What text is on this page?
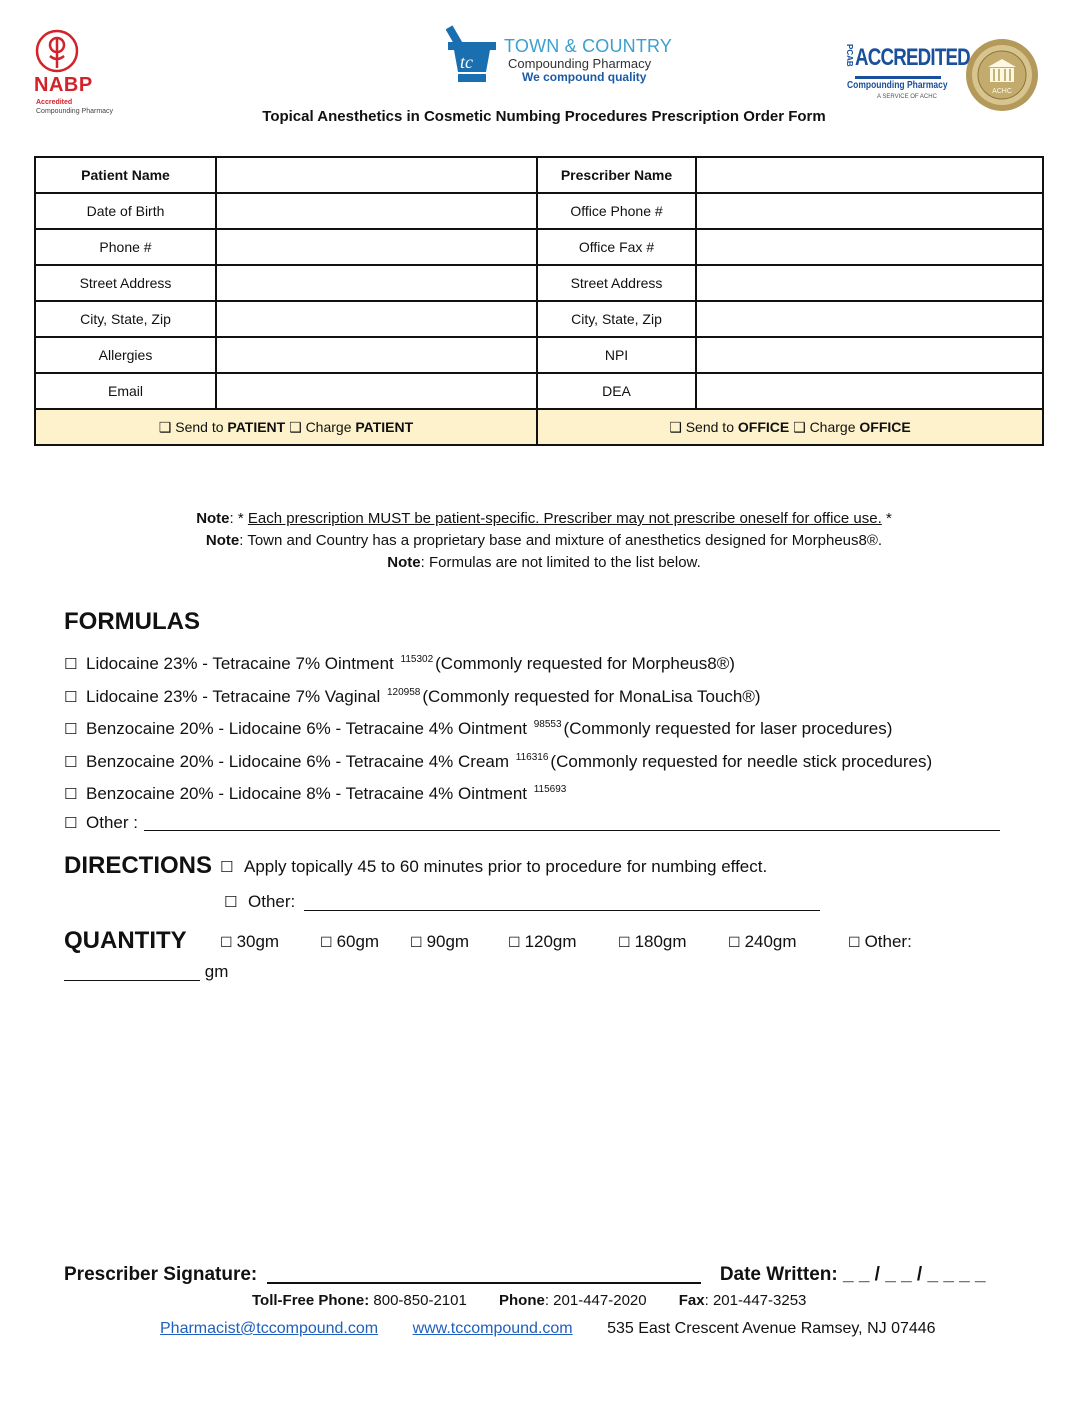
NABP
Accredited
Compounding Pharmacy
tc
TOWN & COUNTRY
Compounding Pharmacy
We compound quality
PCAB ACCREDITED
Compounding Pharmacy
A SERVICE OF ACHC
ACHC
Topical Anesthetics in Cosmetic Numbing Procedures Prescription Order Form
Patient Name		Prescriber Name	
Date of Birth		Office Phone #	
Phone #		Office Fax #	
Street Address		Street Address	
City, State, Zip		City, State, Zip	
Allergies		NPI	
Email		DEA	
❑ Send to PATIENT ❑ Charge PATIENT		❑ Send to OFFICE ❑ Charge OFFICE	
Note: * Each prescription MUST be patient-specific. Prescriber may not prescribe oneself for office use. *
Note: Town and Country has a proprietary base and mixture of anesthetics designed for Morpheus8®.
Note: Formulas are not limited to the list below.
FORMULAS
☐ Lidocaine 23% - Tetracaine 7% Ointment $^{115302}$ (Commonly requested for Morpheus8®)
☐ Lidocaine 23% - Tetracaine 7% Vaginal $^{120958}$ (Commonly requested for MonaLisa Touch®)
☐ Benzocaine 20% - Lidocaine 6% - Tetracaine 4% Ointment $^{98553}$ (Commonly requested for laser procedures)
☐ Benzocaine 20% - Lidocaine 6% - Tetracaine 4% Cream $^{116316}$ (Commonly requested for needle stick procedures)
☐ Benzocaine 20% - Lidocaine 8% - Tetracaine 4% Ointment $^{115693}$
☐ Other :
DIRECTIONS ☐ Apply topically 45 to 60 minutes prior to procedure for numbing effect.
☐ Other:
QUANTITY ☐ 30gm	☐ 60gm ☐ 90gm	☐ 120gm	☐ 180gm	☐ 240gm	☐ Other:
gm
Prescriber Signature:	Date Written: _ _ / _ _ / _ _ _ _
Toll-Free Phone: 800-850-2101 Phone: 201-447-2020 Fax: 201-447-3253
Pharmacist@tccompound.com www.tccompound.com 535 East Crescent Avenue Ramsey, NJ 07446
